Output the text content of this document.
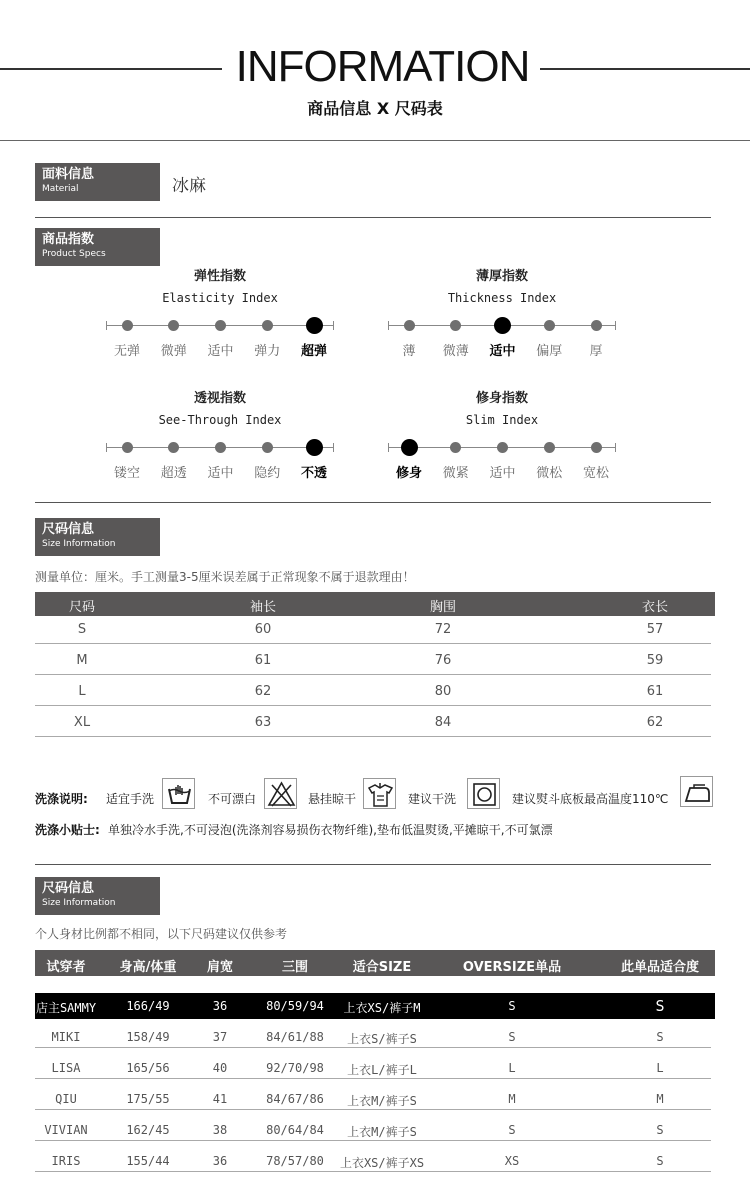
INFORMATION
商品信息 X 尺码表
面料信息
Material	冰麻
商品指数
Product Specs
弹性指数
Elasticity Index
无弹	微弹	适中	弹力	超弹
薄厚指数
Thickness Index
薄	微薄	适中	偏厚	厚
透视指数
See-Through Index
镂空	超透	适中	隐约	不透
修身指数
Slim Index
修身	微紧	适中	微松	宽松
尺码信息
Size Information
测量单位：厘米。手工测量3-5厘米误差属于正常现象不属于退款理由！
尺码	袖长	胸围	衣长
S	60	72	57
M	61	76	59
L	62	80	61
XL	63	84	62
洗涤说明: 适宜手洗	不可漂白	悬挂晾干	建议干洗	建议熨斗底板最高温度110℃
洗涤小贴士: 单独冷水手洗,不可浸泡(洗涤剂容易损伤衣物纤维),垫布低温熨烫,平摊晾干,不可氯漂
尺码信息
Size Information
个人身材比例都不相同，以下尺码建议仅供参考
试穿者	身高/体重	肩宽	三围	适合SIZE	OVERSIZE单品	此单品适合度
店主SAMMY	166/49	36	80/59/94	上衣XS/裤子M	S	S
MIKI	158/49	37	84/61/88	上衣S/裤子S	S	S
LISA	165/56	40	92/70/98	上衣L/裤子L	L	L
QIU	175/55	41	84/67/86	上衣M/裤子S	M	M
VIVIAN	162/45	38	80/64/84	上衣M/裤子S	S	S
IRIS	155/44	36	78/57/80	上衣XS/裤子XS	XS	S
